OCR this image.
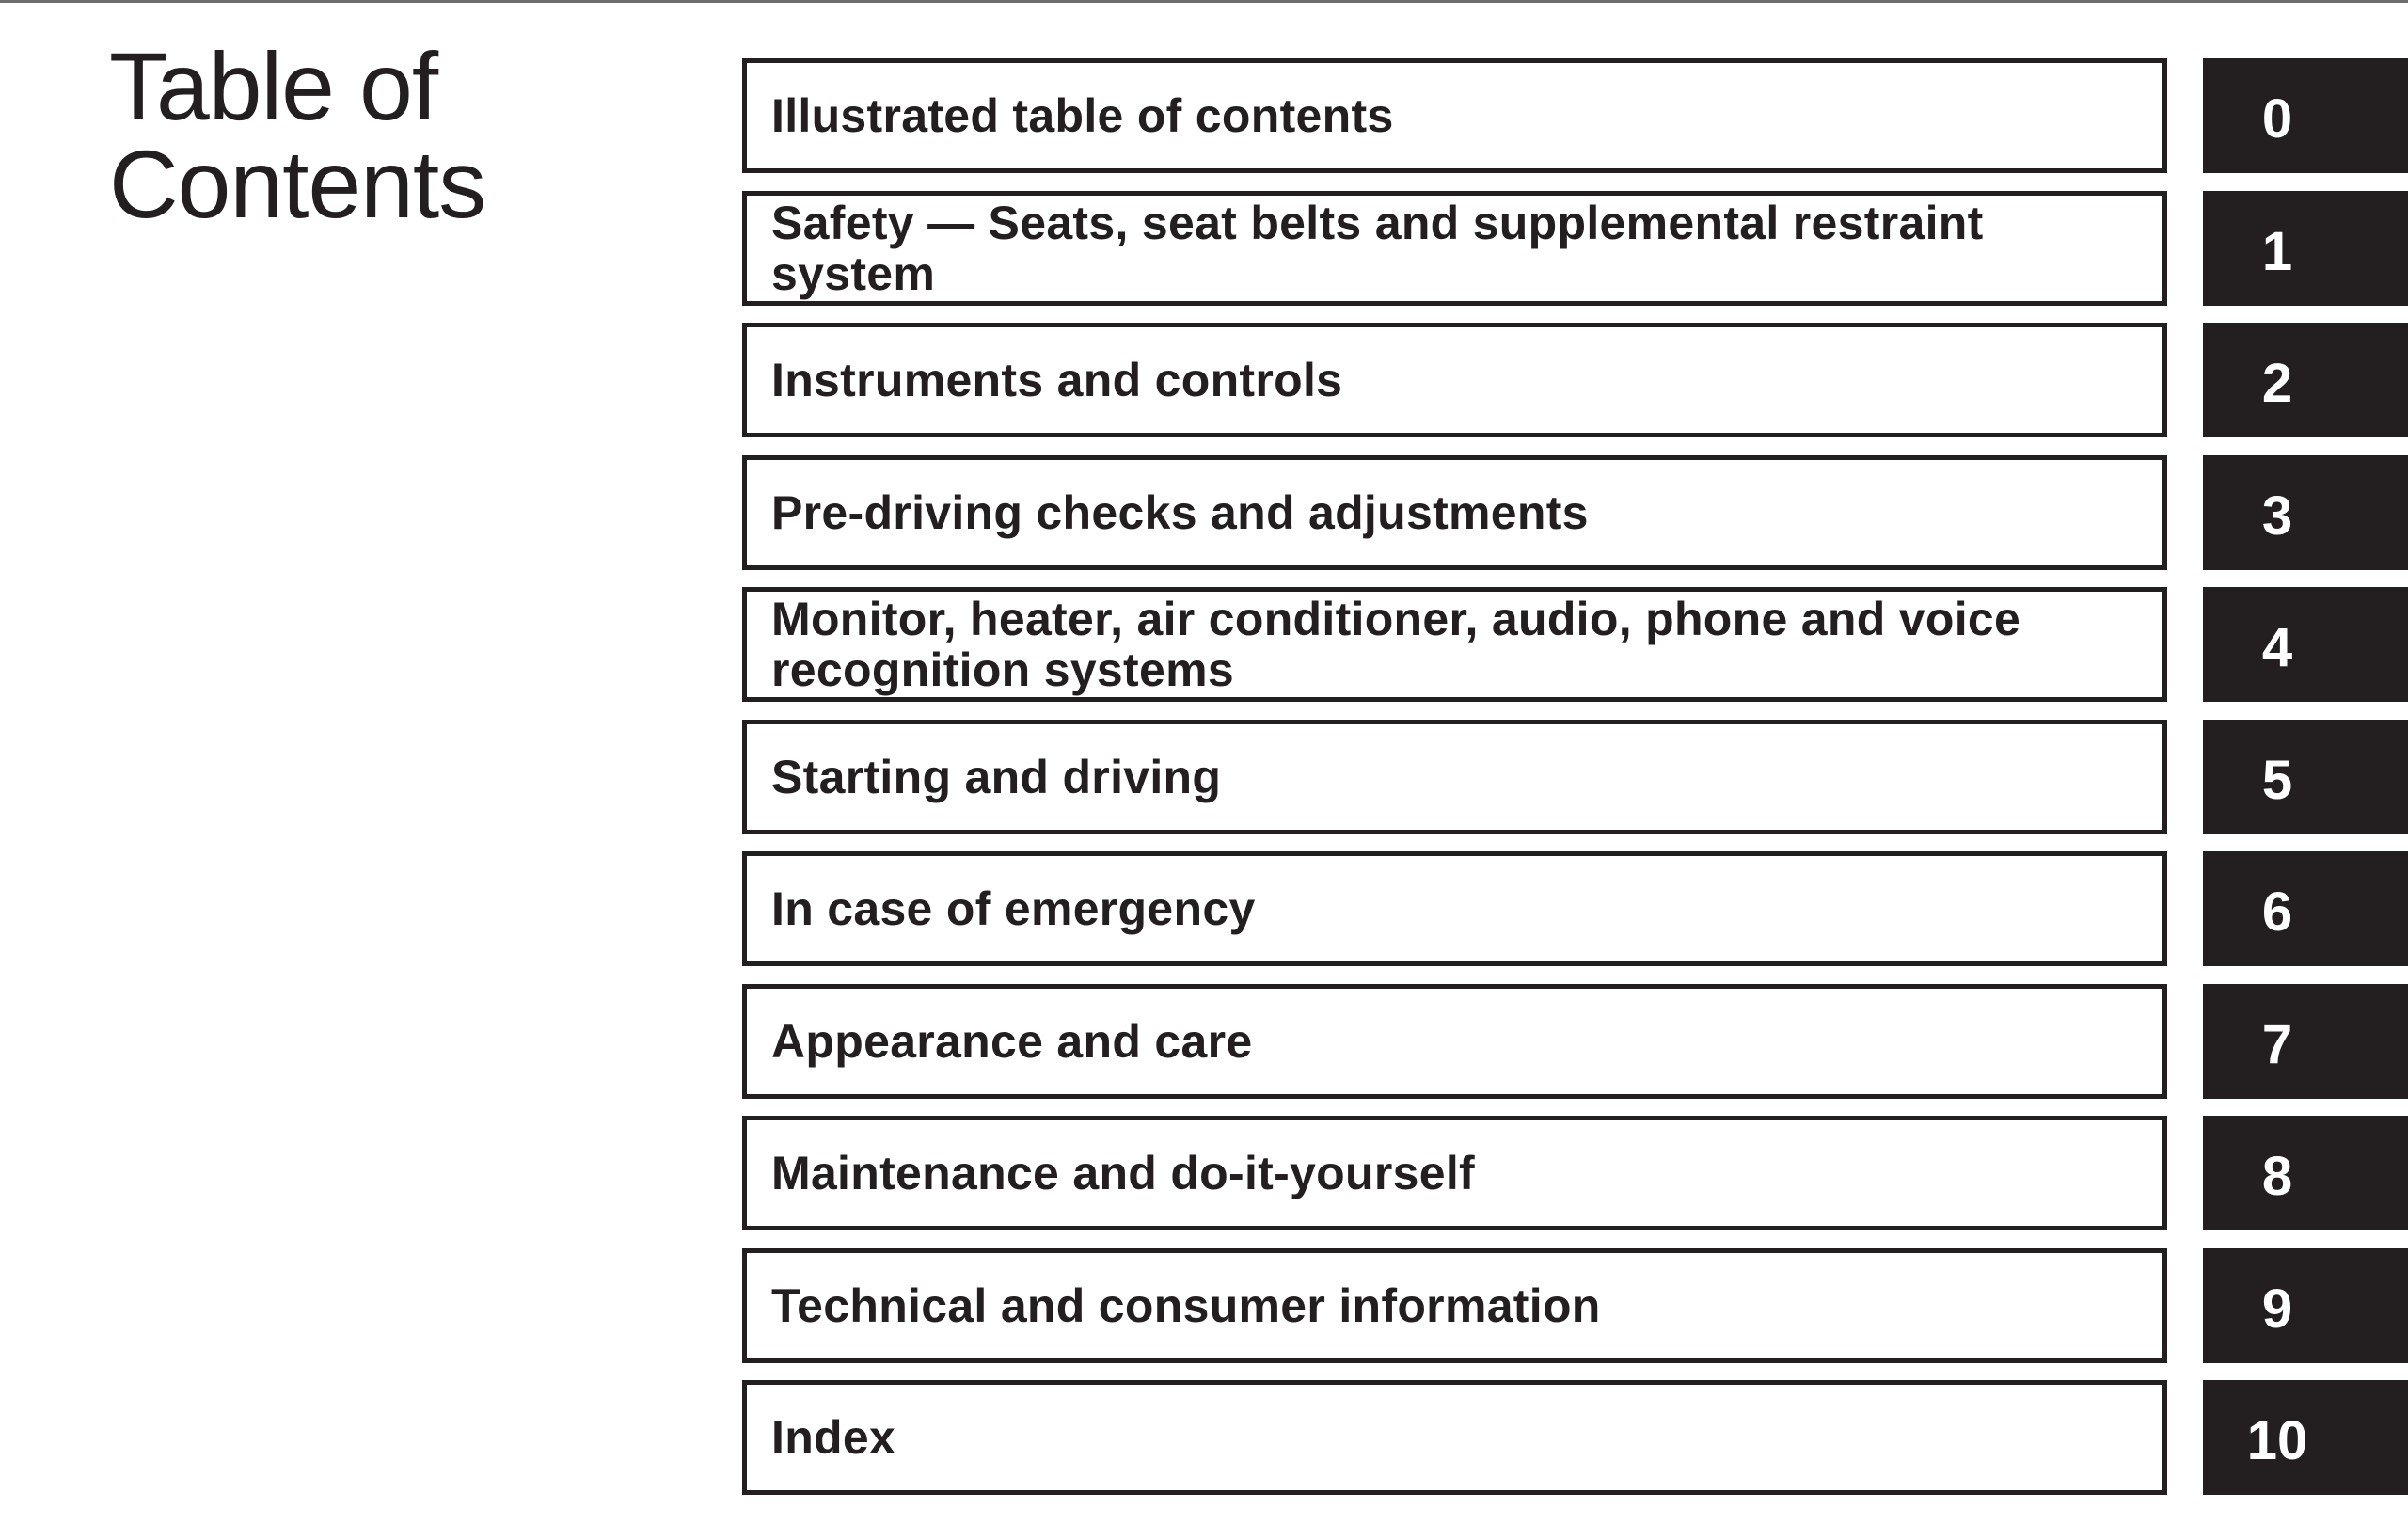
Table of
Contents
Illustrated table of contents	0
Safety — Seats, seat belts and supplemental restraint system	1
Instruments and controls	2
Pre-driving checks and adjustments	3
Monitor, heater, air conditioner, audio, phone and voice recognition systems	4
Starting and driving	5
In case of emergency	6
Appearance and care	7
Maintenance and do-it-yourself	8
Technical and consumer information	9
Index	10
